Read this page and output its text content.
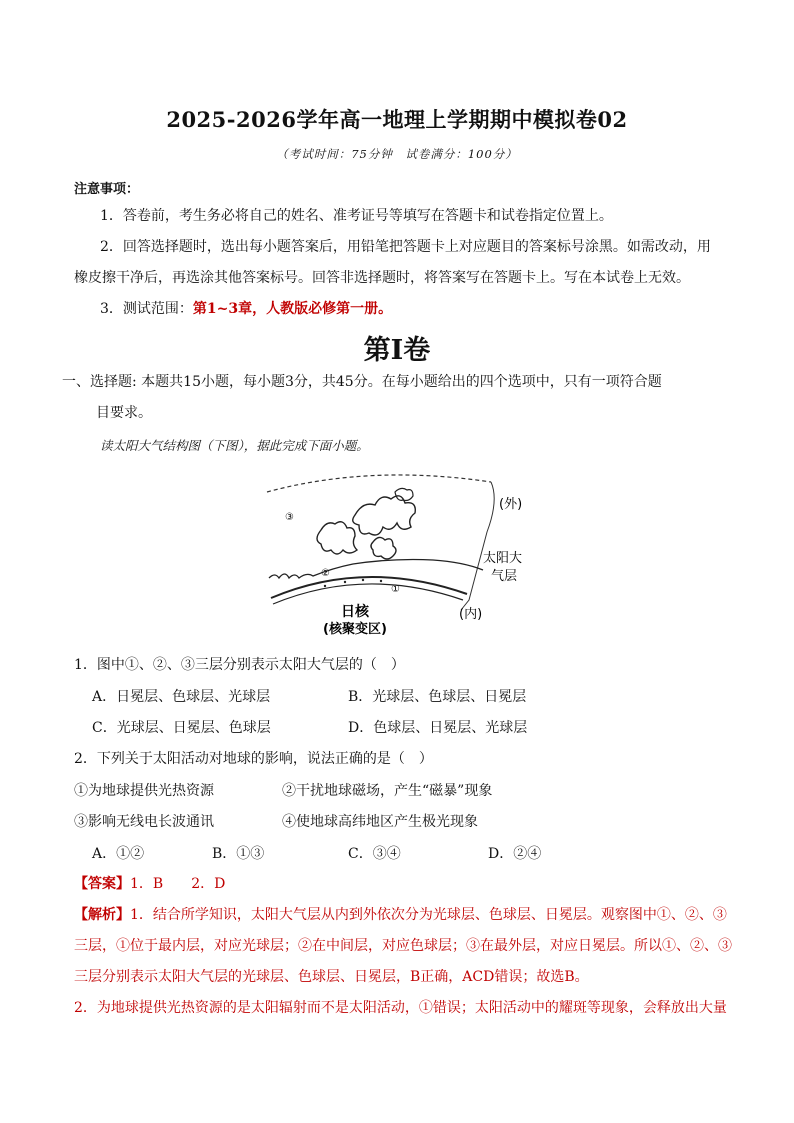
2025-2026学年高一地理上学期期中模拟卷02
（考试时间：75分钟　试卷满分：100分）
注意事项：
1．答卷前，考生务必将自己的姓名、准考证号等填写在答题卡和试卷指定位置上。
2．回答选择题时，选出每小题答案后，用铅笔把答题卡上对应题目的答案标号涂黑。如需改动，用
橡皮擦干净后，再选涂其他答案标号。回答非选择题时，将答案写在答题卡上。写在本试卷上无效。
3．测试范围：第1~3章，人教版必修第一册。
第Ⅰ卷
一、选择题: 本题共15小题，每小题3分，共45分。在每小题给出的四个选项中，只有一项符合题
目要求。
读太阳大气结构图（下图），据此完成下面小题。
③
②
①
(外)
太阳大
气层
(内)
日核
(核聚变区)
1．图中①、②、③三层分别表示太阳大气层的（　）
A．日冕层、色球层、光球层	B．光球层、色球层、日冕层
C．光球层、日冕层、色球层	D．色球层、日冕层、光球层
2．下列关于太阳活动对地球的影响，说法正确的是（　）
①为地球提供光热资源	②干扰地球磁场，产生“磁暴”现象
③影响无线电长波通讯	④使地球高纬地区产生极光现象
A．①②	B．①③	C．③④	D．②④
【答案】1．B　　2．D
【解析】1．结合所学知识，太阳大气层从内到外依次分为光球层、色球层、日冕层。观察图中①、②、③
三层，①位于最内层，对应光球层；②在中间层，对应色球层；③在最外层，对应日冕层。所以①、②、③
三层分别表示太阳大气层的光球层、色球层、日冕层，B正确，ACD错误；故选B。
2．为地球提供光热资源的是太阳辐射而不是太阳活动，①错误；太阳活动中的耀斑等现象，会释放出大量
